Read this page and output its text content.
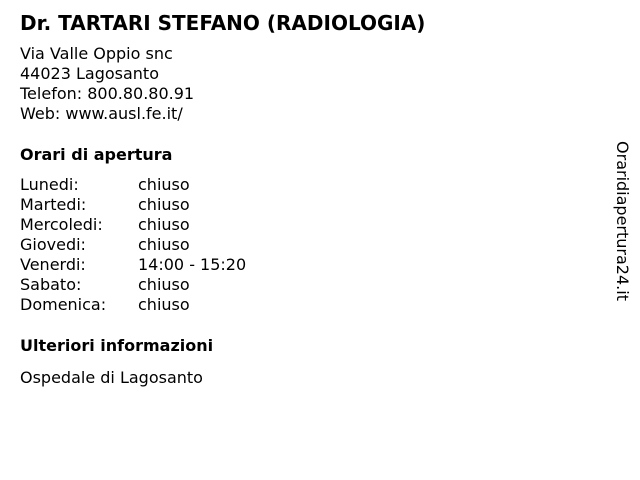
Dr. TARTARI STEFANO (RADIOLOGIA)
Via Valle Oppio snc
44023 Lagosanto
Telefon: 800.80.80.91
Web: www.ausl.fe.it/
Orari di apertura
Lunedi:	chiuso
Martedi:	chiuso
Mercoledi:	chiuso
Giovedi:	chiuso
Venerdi:	14:00 - 15:20
Sabato:	chiuso
Domenica:	chiuso
Ulteriori informazioni
Ospedale di Lagosanto
Oraridiapertura24.it
